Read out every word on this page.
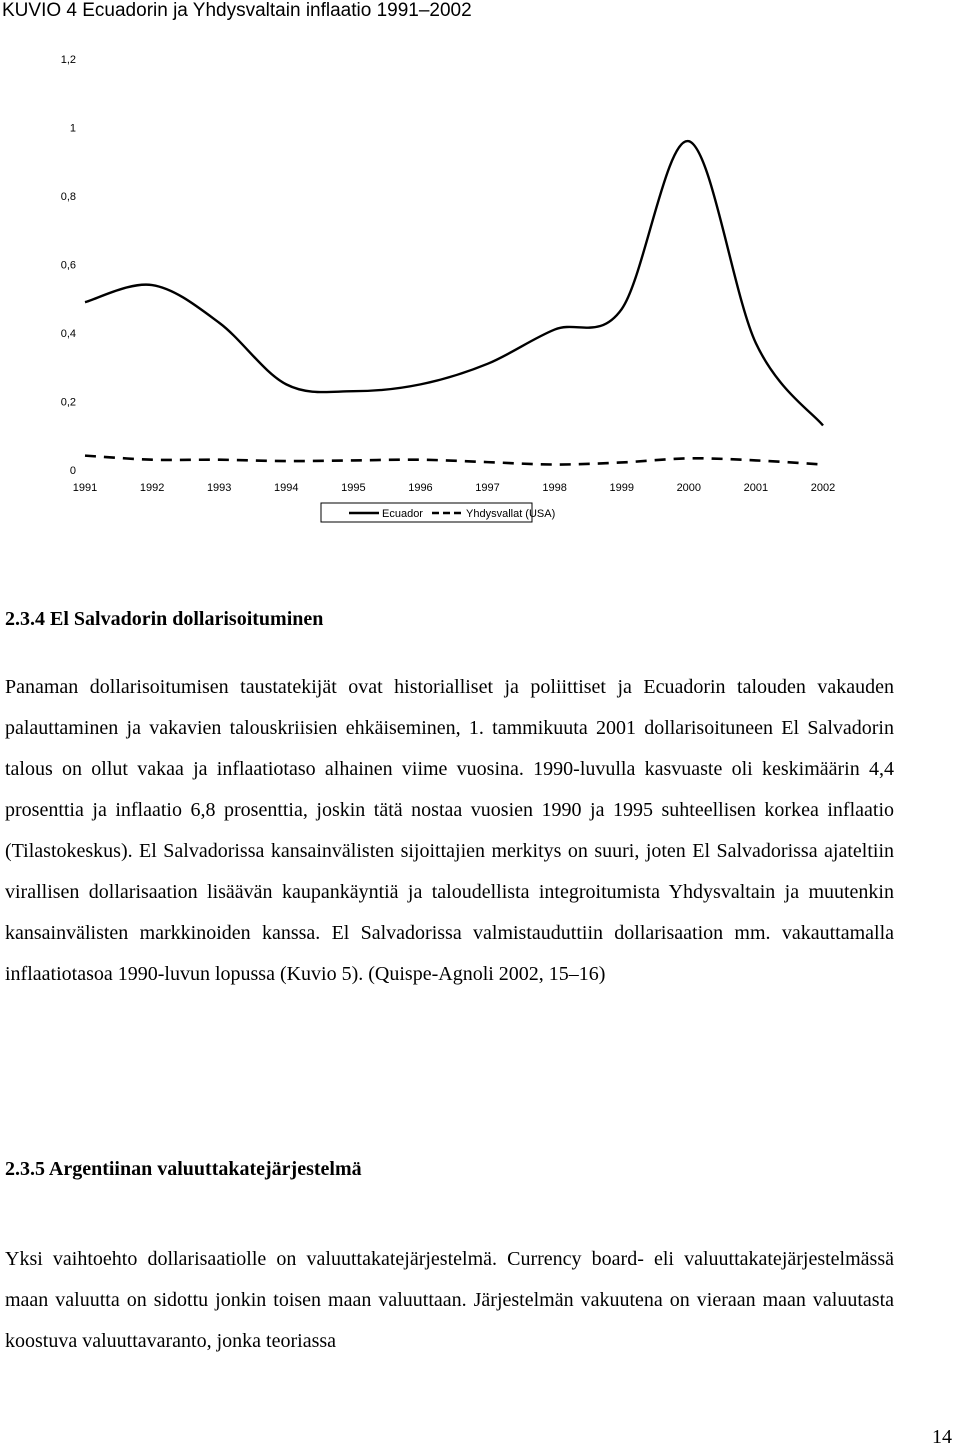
KUVIO 4 Ecuadorin ja Yhdysvaltain inflaatio 1991–2002
0
0,2
0,4
0,6
0,8
1
1,2
1991	1992	1993	1994	1995	1996	1997	1998	1999	2000	2001	2002
Ecuador	Yhdysvallat (USA)
2.3.4 El Salvadorin dollarisoituminen
Panaman dollarisoitumisen taustatekijät ovat historialliset ja poliittiset ja Ecuadorin talouden vakauden palauttaminen ja vakavien talouskriisien ehkäiseminen, 1. tammikuuta 2001 dollarisoituneen El Salvadorin talous on ollut vakaa ja inflaatiotaso alhainen viime vuosina. 1990-luvulla kasvuaste oli keskimäärin 4,4 prosenttia ja inflaatio 6,8 prosenttia, joskin tätä nostaa vuosien 1990 ja 1995 suhteellisen korkea inflaatio (Tilastokeskus). El Salvadorissa kansainvälisten sijoittajien merkitys on suuri, joten El Salvadorissa ajateltiin virallisen dollarisaation lisäävän kaupankäyntiä ja taloudellista integroitumista Yhdysvaltain ja muutenkin kansainvälisten markkinoiden kanssa. El Salvadorissa valmistauduttiin dollarisaation mm. vakauttamalla inflaatiotasoa 1990-luvun lopussa (Kuvio 5). (Quispe-Agnoli 2002, 15–16)
2.3.5 Argentiinan valuuttakatejärjestelmä
Yksi vaihtoehto dollarisaatiolle on valuuttakatejärjestelmä. Currency board- eli valuuttakatejärjestelmässä maan valuutta on sidottu jonkin toisen maan valuuttaan. Järjestelmän vakuutena on vieraan maan valuutasta koostuva valuuttavaranto, jonka teoriassa
14
